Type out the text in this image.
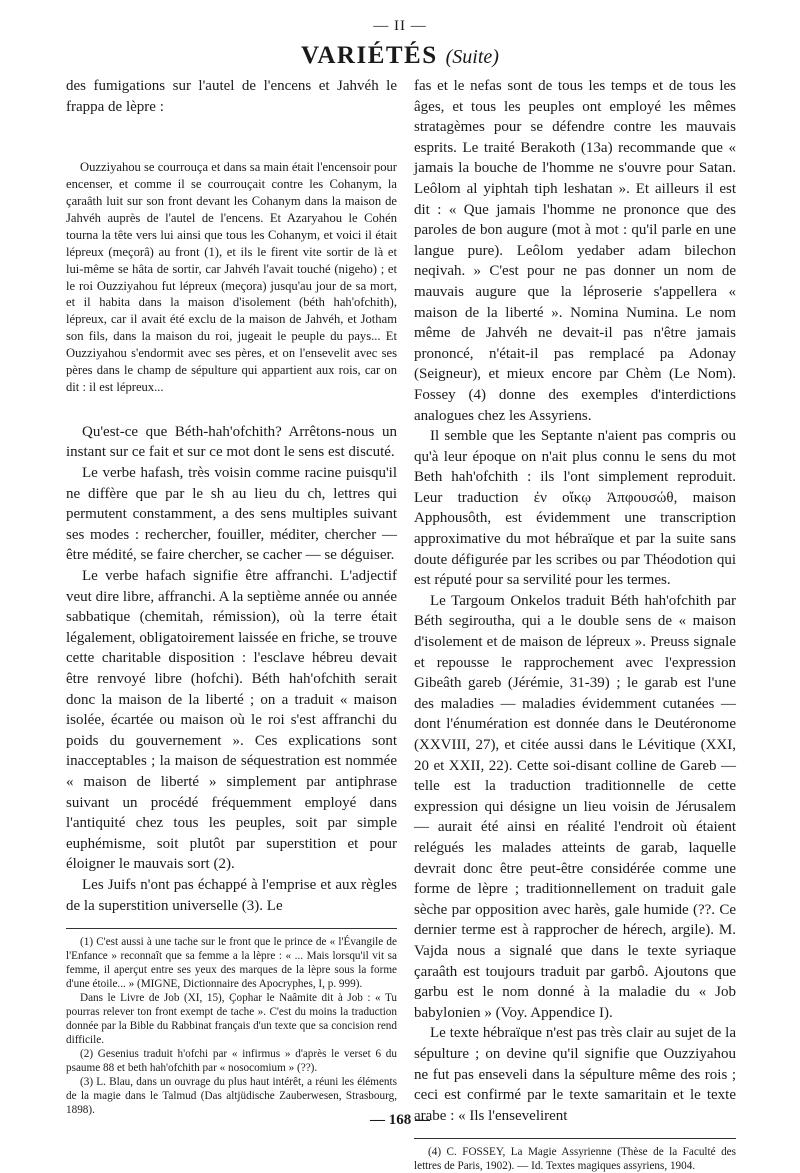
— II —
VARIÉTÉS (Suite)

des fumigations sur l'autel de l'encens et Jahvéh le frappa de lèpre :

Ouzziyahou se courrouça et dans sa main était l'encensoir pour encenser, et comme il se courrouçait contre les Cohanym, la çaraâth luit sur son front devant les Cohanym dans la maison de Jahvéh auprès de l'autel de l'encens. Et Azaryahou le Cohén tourna la tête vers lui ainsi que tous les Cohanym, et voici il était lépreux (meçorâ) au front (1), et ils le firent vite sortir de là et lui-même se hâta de sortir, car Jahvéh l'avait touché (nigeho) ; et le roi Ouzziyahou fut lépreux (meçora) jusqu'au jour de sa mort, et il habita dans la maison d'isolement (béth hah'ofchith), lépreux, car il avait été exclu de la maison de Jahvéh, et Jotham son fils, dans la maison du roi, jugeait le peuple du pays... Et Ouzziyahou s'endormit avec ses pères, et on l'ensevelit avec ses pères dans le champ de sépulture qui appartient aux rois, car on dit : il est lépreux...

Qu'est-ce que Béth-hah'ofchith? Arrêtons-nous un instant sur ce fait et sur ce mot dont le sens est discuté.

Le verbe hafash, très voisin comme racine puisqu'il ne diffère que par le sh au lieu du ch, lettres qui permutent constamment, a des sens multiples suivant ses modes : rechercher, fouiller, méditer, chercher — être médité, se faire chercher, se cacher — se déguiser.

Le verbe hafach signifie être affranchi. L'adjectif veut dire libre, affranchi. A la septième année ou année sabbatique (chemitah, rémission), où la terre était légalement, obligatoirement laissée en friche, se trouve cette charitable disposition : l'esclave hébreu devait être renvoyé libre (hofchi). Béth hah'ofchith serait donc la maison de la liberté ; on a traduit « maison isolée, écartée ou maison où le roi s'est affranchi du poids du gouvernement ». Ces explications sont inacceptables ; la maison de séquestration est nommée « maison de liberté » simplement par antiphrase suivant un procédé fréquemment employé dans l'antiquité chez tous les peuples, soit par simple euphémisme, soit plutôt par superstition et pour éloigner le mauvais sort (2).

Les Juifs n'ont pas échappé à l'emprise et aux règles de la superstition universelle (3). Le

(1) C'est aussi à une tache sur le front que le prince de « l'Évangile de l'Enfance » reconnaît que sa femme a la lèpre : « ... Mais lorsqu'il vit sa femme, il aperçut entre ses yeux des marques de la lèpre sous la forme d'une étoile... » (MIGNE, Dictionnaire des Apocryphes, I, p. 999).

Dans le Livre de Job (XI, 15), Çophar le Naâmite dit à Job : « Tu pourras relever ton front exempt de tache ». C'est du moins la traduction donnée par la Bible du Rabbinat français d'un texte que sa concision rend difficile.

(2) Gesenius traduit h'ofchi par « infirmus » d'après le verset 6 du psaume 88 et beth hah'ofchith par « nosocomium » (??).

(3) L. Blau, dans un ouvrage du plus haut intérêt, a réuni les éléments de la magie dans le Talmud (Das altjüdische Zauberwesen, Strasbourg, 1898).

fas et le nefas sont de tous les temps et de tous les âges, et tous les peuples ont employé les mêmes stratagèmes pour se défendre contre les mauvais esprits. Le traité Berakoth (13a) recommande que « jamais la bouche de l'homme ne s'ouvre pour Satan. Leôlom al yiphtah tiph leshatan ». Et ailleurs il est dit : « Que jamais l'homme ne prononce que des paroles de bon augure (mot à mot : qu'il parle en une langue pure). Leôlom yedaber adam bilechon neqivah. » C'est pour ne pas donner un nom de mauvais augure que la léproserie s'appellera « maison de la liberté ». Nomina Numina. Le nom même de Jahvéh ne devait-il pas n'être jamais prononcé, n'était-il pas remplacé pa Adonay (Seigneur), et mieux encore par Chèm (Le Nom). Fossey (4) donne des exemples d'interdictions analogues chez les Assyriens.

Il semble que les Septante n'aient pas compris ou qu'à leur époque on n'ait plus connu le sens du mot Beth hah'ofchith : ils l'ont simplement reproduit. Leur traduction ἐν οἴκῳ Ἀπφουσώθ, maison Apphousôth, est évidemment une transcription approximative du mot hébraïque et par la suite sans doute défigurée par les scribes ou par Théodotion qui est réputé pour sa servilité pour les termes.

Le Targoum Onkelos traduit Béth hah'ofchith par Béth segiroutha, qui a le double sens de « maison d'isolement et de maison de lépreux ». Preuss signale et repousse le rapprochement avec l'expression Gibeâth gareb (Jérémie, 31-39) ; le garab est l'une des maladies — maladies évidemment cutanées — dont l'énumération est donnée dans le Deutéronome (XXVIII, 27), et citée aussi dans le Lévitique (XXI, 20 et XXII, 22). Cette soi-disant colline de Gareb — telle est la traduction traditionnelle de cette expression qui désigne un lieu voisin de Jérusalem — aurait été ainsi en réalité l'endroit où étaient relégués les malades atteints de garab, laquelle devrait donc être peut-être considérée comme une forme de lèpre ; traditionnellement on traduit gale sèche par opposition avec harès, gale humide (??. Ce dernier terme est à rapprocher de hérech, argile). M. Vajda nous a signalé que dans le texte syriaque çaraâth est toujours traduit par garbô. Ajoutons que garbu est le nom donné à la maladie du « Job babylonien » (Voy. Appendice I).

Le texte hébraïque n'est pas très clair au sujet de la sépulture ; on devine qu'il signifie que Ouzziyahou ne fut pas enseveli dans la sépulture même des rois ; ceci est confirmé par le texte samaritain et le texte arabe : « Ils l'ensevelirent

(4) C. FOSSEY, La Magie Assyrienne (Thèse de la Faculté des lettres de Paris, 1902). — Id. Textes magiques assyriens, 1904.

— 168 —
